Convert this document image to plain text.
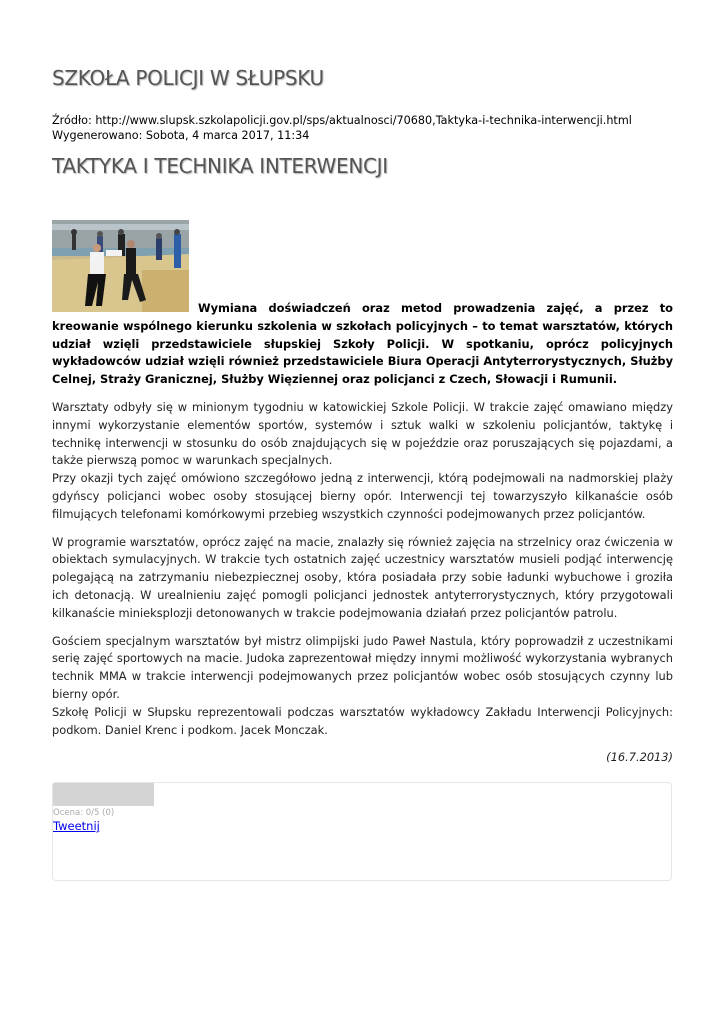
SZKOŁA POLICJI W SŁUPSKU
Źródło: http://www.slupsk.szkolapolicji.gov.pl/sps/aktualnosci/70680,Taktyka-i-technika-interwencji.html
Wygenerowano: Sobota, 4 marca 2017, 11:34
TAKTYKA I TECHNIKA INTERWENCJI

Wymiana doświadczeń oraz metod prowadzenia zajęć, a przez to kreowanie wspólnego kierunku szkolenia w szkołach policyjnych – to temat warsztatów, których udział wzięli przedstawiciele słupskiej Szkoły Policji. W spotkaniu, oprócz policyjnych wykładowców udział wzięli również przedstawiciele Biura Operacji Antyterrorystycznych, Służby Celnej, Straży Granicznej, Służby Więziennej oraz policjanci z Czech, Słowacji i Rumunii.

Warsztaty odbyły się w minionym tygodniu w katowickiej Szkole Policji. W trakcie zajęć omawiano między innymi wykorzystanie elementów sportów, systemów i sztuk walki w szkoleniu policjantów, taktykę i technikę interwencji w stosunku do osób znajdujących się w pojeździe oraz poruszających się pojazdami, a także pierwszą pomoc w warunkach specjalnych.
Przy okazji tych zajęć omówiono szczegółowo jedną z interwencji, którą podejmowali na nadmorskiej plaży gdyńscy policjanci wobec osoby stosującej bierny opór. Interwencji tej towarzyszyło kilkanaście osób filmujących telefonami komórkowymi przebieg wszystkich czynności podejmowanych przez policjantów.

W programie warsztatów, oprócz zajęć na macie, znalazły się również zajęcia na strzelnicy oraz ćwiczenia w obiektach symulacyjnych. W trakcie tych ostatnich zajęć uczestnicy warsztatów musieli podjąć interwencję polegającą na zatrzymaniu niebezpiecznej osoby, która posiadała przy sobie ładunki wybuchowe i groziła ich detonacją. W urealnieniu zajęć pomogli policjanci jednostek antyterrorystycznych, który przygotowali kilkanaście minieksplozji detonowanych w trakcie podejmowania działań przez policjantów patrolu.

Gościem specjalnym warsztatów był mistrz olimpijski judo Paweł Nastula, który poprowadził z uczestnikami serię zajęć sportowych na macie. Judoka zaprezentował między innymi możliwość wykorzystania wybranych technik MMA w trakcie interwencji podejmowanych przez policjantów wobec osób stosujących czynny lub bierny opór.
Szkołę Policji w Słupsku reprezentowali podczas warsztatów wykładowcy Zakładu Interwencji Policyjnych: podkom. Daniel Krenc i podkom. Jacek Monczak.

(16.7.2013)
Ocena: 0/5 (0)
Tweetnij
